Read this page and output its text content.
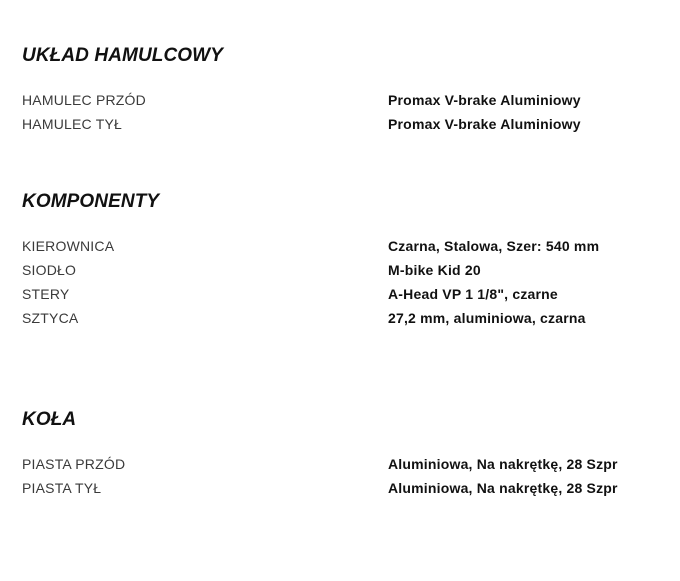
UKŁAD HAMULCOWY
HAMULEC PRZÓD	Promax V-brake Aluminiowy
HAMULEC TYŁ	Promax V-brake Aluminiowy
KOMPONENTY
KIEROWNICA	Czarna, Stalowa, Szer: 540 mm
SIODŁO	M-bike Kid 20
STERY	A-Head VP 1 1/8", czarne
SZTYCA	27,2 mm, aluminiowa, czarna
KOŁA
PIASTA PRZÓD	Aluminiowa, Na nakrętkę, 28 Szpr
PIASTA TYŁ	Aluminiowa, Na nakrętkę, 28 Szpr
